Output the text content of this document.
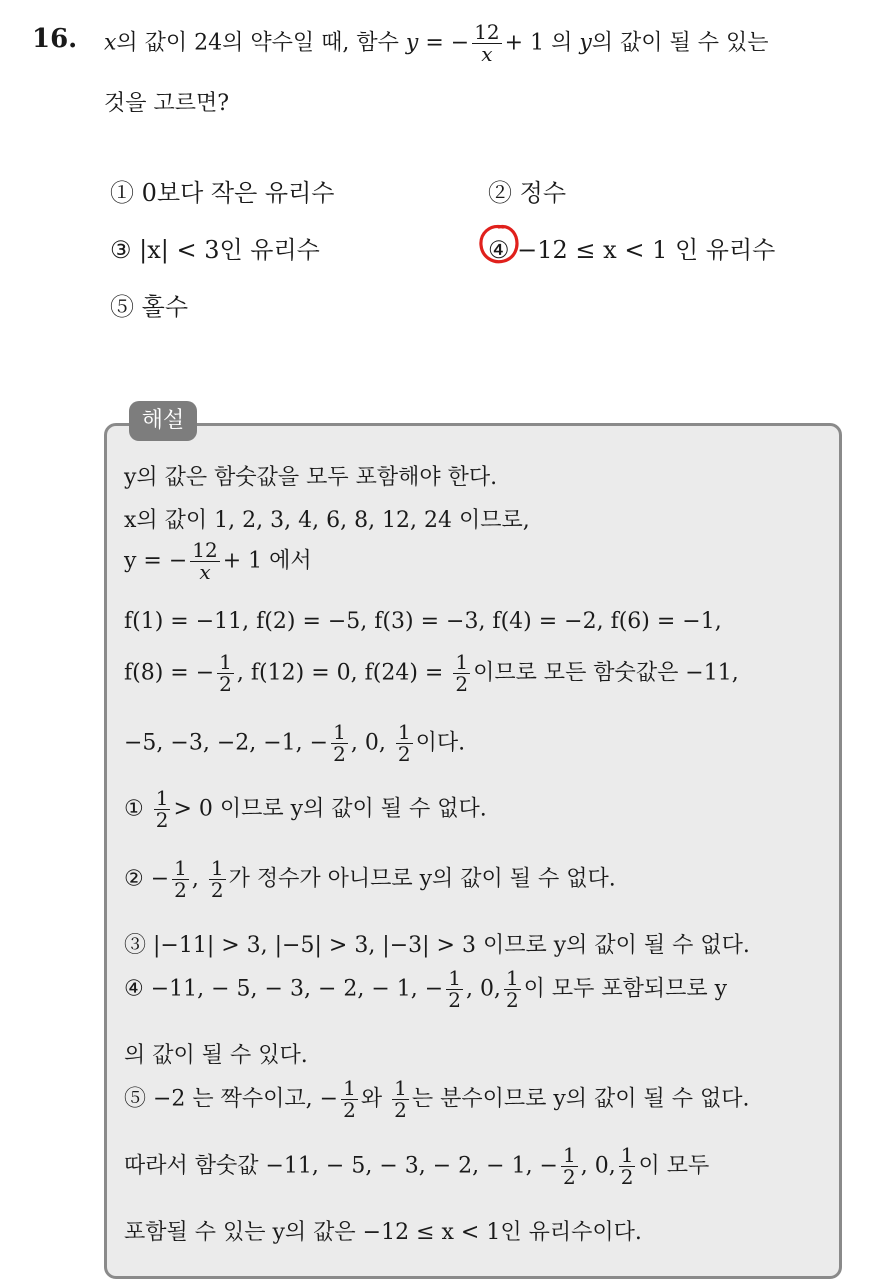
16. x의 값이 24의 약수일 때, 함수 y = − $\frac{12}{x} + 1$ 의 y의 값이 될 수 있는
것을 고르면?
① 0보다 작은 유리수	② 정수
③ |x| < 3인 유리수	④ −12 ≤ x < 1 인 유리수
⑤ 홀수
해설
y의 값은 함숫값을 모두 포함해야 한다.
x의 값이 1, 2, 3, 4, 6, 8, 12, 24 이므로,
y = − $\frac{12}{x} + 1$ 에서
f(1) = −11, f(2) = −5, f(3) = −3, f(4) = −2, f(6) = −1,
f(8) = − $\frac{1}{2}$ , f(12) = 0, $f(24) = \frac{1}{2}$ 이므로 모든 함숫값은 −11,
−5, −3, −2, −1, − $\frac{1}{2}$ , 0, $\frac{1}{2}$ 이다.
① $\frac{1}{2} > 0$ 이므로 y의 값이 될 수 없다.
② − $\frac{1}{2}$ , $\frac{1}{2}$ 가 정수가 아니므로 y의 값이 될 수 없다.
③ |−11| > 3, |−5| > 3, |−3| > 3 이므로 y의 값이 될 수 없다.
④ −11, − 5, − 3, − 2, − 1, − $\frac{1}{2}$ , 0, $\frac{1}{2}$ 이 모두 포함되므로 y
의 값이 될 수 있다.
⑤ −2 는 짝수이고, − $\frac{1}{2}$ 와 $\frac{1}{2}$ 는 분수이므로 y의 값이 될 수 없다.
따라서 함숫값 −11, − 5, − 3, − 2, − 1, − $\frac{1}{2}$ , 0, $\frac{1}{2}$ 이 모두
포함될 수 있는 y의 값은 −12 ≤ x < 1인 유리수이다.
